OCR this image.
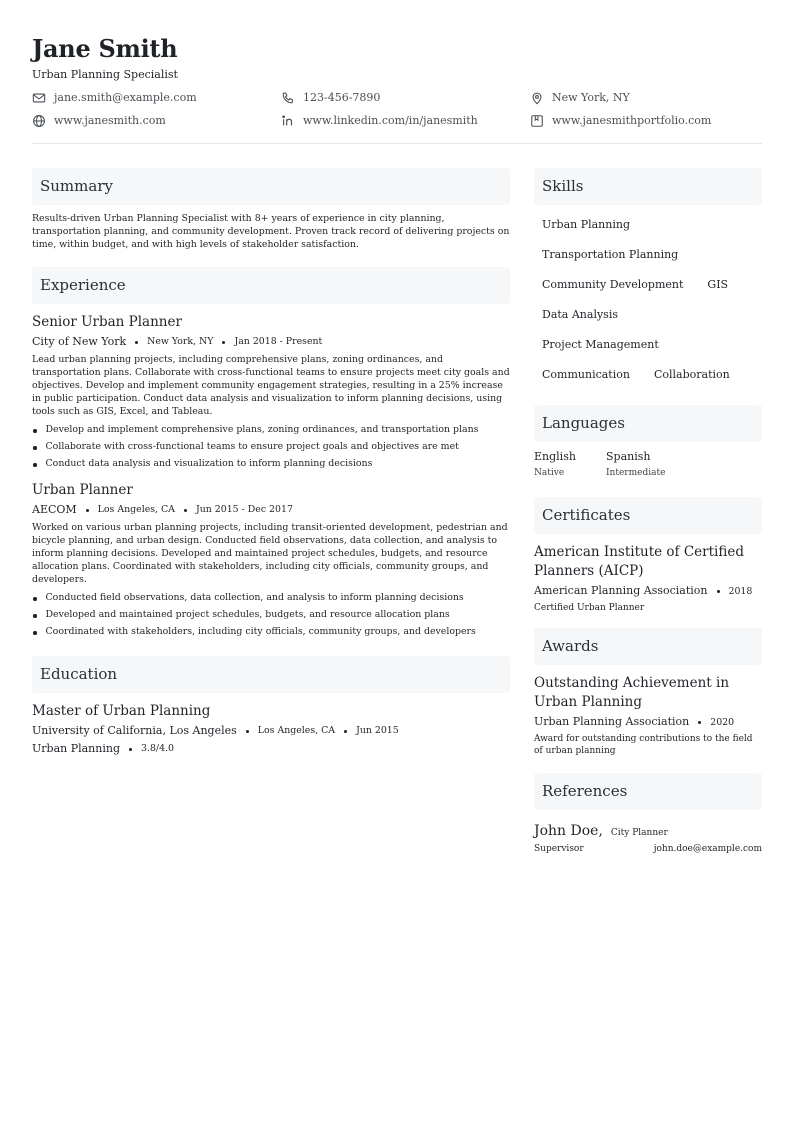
Jane Smith
Urban Planning Specialist
jane.smith@example.com	123-456-7890	New York, NY
www.janesmith.com	www.linkedin.com/in/janesmith	www.janesmithportfolio.com
Summary
Results-driven Urban Planning Specialist with 8+ years of experience in city planning, transportation planning, and community development. Proven track record of delivering projects on time, within budget, and with high levels of stakeholder satisfaction.
Experience
Senior Urban Planner
City of New York New York, NY Jan 2018 - Present
Lead urban planning projects, including comprehensive plans, zoning ordinances, and transportation plans. Collaborate with cross-functional teams to ensure projects meet city goals and objectives. Develop and implement community engagement strategies, resulting in a 25% increase in public participation. Conduct data analysis and visualization to inform planning decisions, using tools such as GIS, Excel, and Tableau.
Develop and implement comprehensive plans, zoning ordinances, and transportation plans
Collaborate with cross-functional teams to ensure project goals and objectives are met
Conduct data analysis and visualization to inform planning decisions
Urban Planner
AECOM Los Angeles, CA Jun 2015 - Dec 2017
Worked on various urban planning projects, including transit-oriented development, pedestrian and bicycle planning, and urban design. Conducted field observations, data collection, and analysis to inform planning decisions. Developed and maintained project schedules, budgets, and resource allocation plans. Coordinated with stakeholders, including city officials, community groups, and developers.
Conducted field observations, data collection, and analysis to inform planning decisions
Developed and maintained project schedules, budgets, and resource allocation plans
Coordinated with stakeholders, including city officials, community groups, and developers
Education
Master of Urban Planning
University of California, Los Angeles Los Angeles, CA Jun 2015
Urban Planning 3.8/4.0
Skills
Urban Planning
Transportation Planning
Community Development	GIS
Data Analysis
Project Management
Communication	Collaboration
Languages
English
Native
Spanish
Intermediate
Certificates
American Institute of Certified Planners (AICP)
American Planning Association 2018
Certified Urban Planner
Awards
Outstanding Achievement in Urban Planning
Urban Planning Association 2020
Award for outstanding contributions to the field of urban planning
References
John Doe, City Planner
Supervisor	john.doe@example.com
